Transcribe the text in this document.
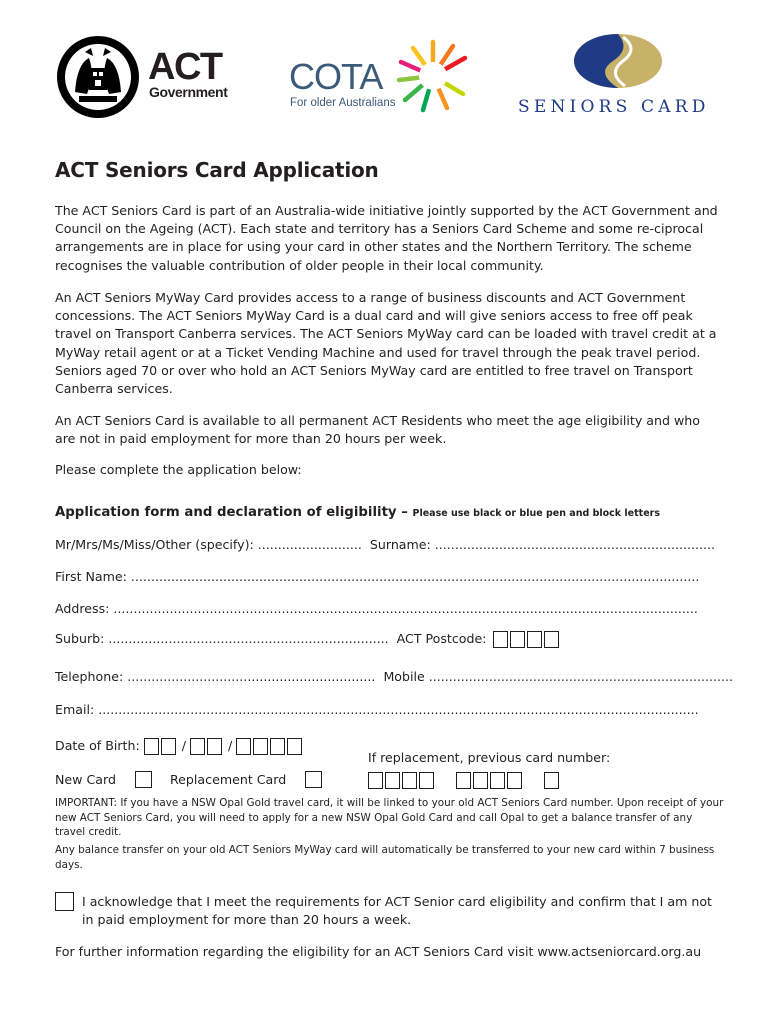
ACT
Government COTA
For older Australians	SENIORS CARD
ACT Seniors Card Application
The ACT Seniors Card is part of an Australia-wide initiative jointly supported by the ACT Government and Council on the Ageing (ACT). Each state and territory has a Seniors Card Scheme and some re-ciprocal arrangements are in place for using your card in other states and the Northern Territory. The scheme recognises the valuable contribution of older people in their local community.
An ACT Seniors MyWay Card provides access to a range of business discounts and ACT Government concessions. The ACT Seniors MyWay Card is a dual card and will give seniors access to free off peak travel on Transport Canberra services. The ACT Seniors MyWay card can be loaded with travel credit at a MyWay retail agent or at a Ticket Vending Machine and used for travel through the peak travel period. Seniors aged 70 or over who hold an ACT Seniors MyWay card are entitled to free travel on Transport Canberra services.
An ACT Seniors Card is available to all permanent ACT Residents who meet the age eligibility and who are not in paid employment for more than 20 hours per week.
Please complete the application below:
Application form and declaration of eligibility – Please use black or blue pen and block letters
Mr/Mrs/Ms/Miss/Other (specify): .......................... Surname: ......................................................................
First Name: ..............................................................................................................................................
Address: ..................................................................................................................................................
Suburb: ...................................................................... ACT Postcode:
Telephone: .............................................................. Mobile ............................................................................
Email: ......................................................................................................................................................
Date of Birth:	/	/
If replacement, previous card number:
New Card	Replacement Card

IMPORTANT: If you have a NSW Opal Gold travel card, it will be linked to your old ACT Seniors Card number. Upon receipt of your new ACT Seniors Card, you will need to apply for a new NSW Opal Gold Card and call Opal to get a balance transfer of any travel credit.
Any balance transfer on your old ACT Seniors MyWay card will automatically be transferred to your new card within 7 business days.
I acknowledge that I meet the requirements for ACT Senior card eligibility and confirm that I am not in paid employment for more than 20 hours a week.
For further information regarding the eligibility for an ACT Seniors Card visit www.actseniorcard.org.au
